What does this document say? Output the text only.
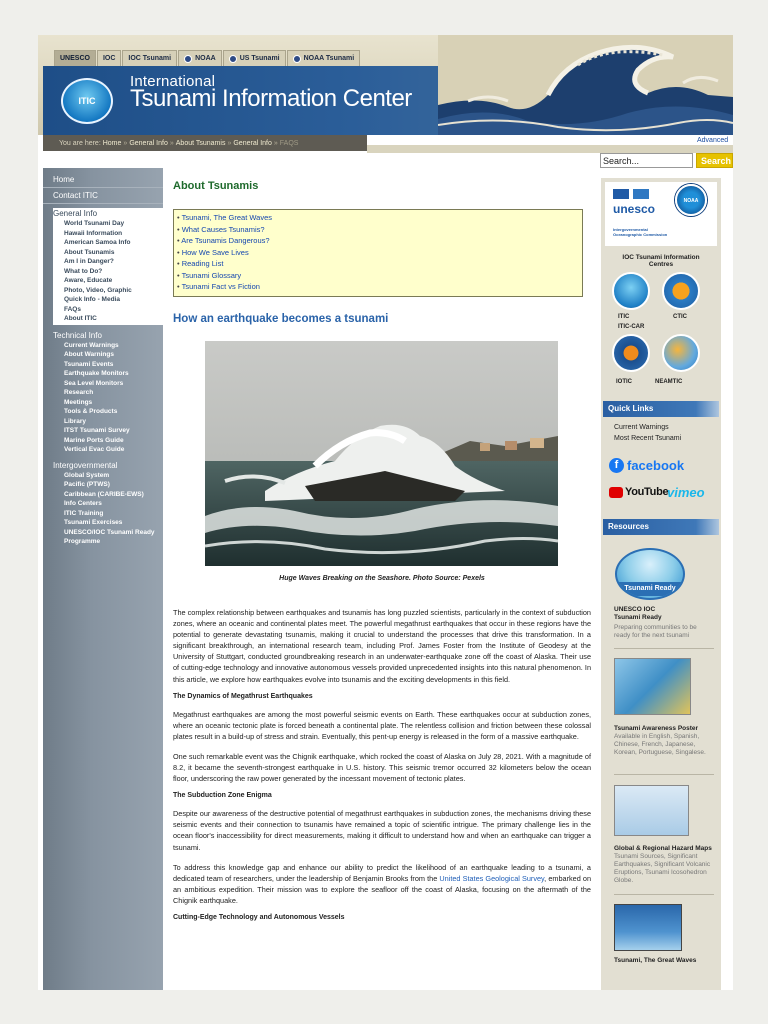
UNESCO IOC IOC Tsunami	NOAA	US Tsunami	NOAA Tsunami
ITIC
International
Tsunami Information Center
You are here:
Home » General Info » About Tsunamis » General Info » FAQS	Advanced
Search...
Search
Home
Contact ITIC
General Info
World Tsunami Day
Hawaii Information
American Samoa Info
About Tsunamis
Am I in Danger?
What to Do?
Aware, Educate
Photo, Video, Graphic
Quick Info - Media
FAQs
About ITIC
Technical Info
Current Warnings
About Warnings
Tsunami Events
Earthquake Monitors
Sea Level Monitors
Research
Meetings
Tools & Products
Library
ITST Tsunami Survey
Marine Ports Guide
Vertical Evac Guide
Intergovernmental
Global System
Pacific (PTWS)
Caribbean (CARIBE-EWS)
Info Centers
ITIC Training
Tsunami Exercises
UNESCO/IOC Tsunami Ready Programme
About Tsunamis
• Tsunami, The Great Waves
• What Causes Tsunamis?
• Are Tsunamis Dangerous?
• How We Save Lives
• Reading List
• Tsunami Glossary
• Tsunami Fact vs Fiction
How an earthquake becomes a tsunami
Huge Waves Breaking on the Seashore. Photo Source: Pexels
The complex relationship between earthquakes and tsunamis has long puzzled scientists, particularly in the context of subduction zones, where an oceanic and continental plates meet. The powerful megathrust earthquakes that occur in these regions have the potential to generate devastating tsunamis, making it crucial to understand the processes that drive this transformation. In a significant breakthrough, an international research team, including Prof. James Foster from the Institute of Geodesy at the University of Stuttgart, conducted groundbreaking research in an underwater-earthquake zone off the coast of Alaska. Their use of cutting-edge technology and innovative autonomous vessels provided unprecedented insights into this natural phenomenon. In this article, we explore how earthquakes evolve into tsunamis and the exciting developments in this field.
The Dynamics of Megathrust Earthquakes
Megathrust earthquakes are among the most powerful seismic events on Earth. These earthquakes occur at subduction zones, where an oceanic tectonic plate is forced beneath a continental plate. The relentless collision and friction between these colossal plates result in a build-up of stress and strain. Eventually, this pent-up energy is released in the form of a massive earthquake.
One such remarkable event was the Chignik earthquake, which rocked the coast of Alaska on July 28, 2021. With a magnitude of 8.2, it became the seventh-strongest earthquake in U.S. history. This seismic tremor occurred 32 kilometers below the ocean floor, underscoring the raw power generated by the incessant movement of tectonic plates.
The Subduction Zone Enigma
Despite our awareness of the destructive potential of megathrust earthquakes in subduction zones, the mechanisms driving these seismic events and their connection to tsunamis have remained a topic of scientific intrigue. The primary challenge lies in the ocean floor's inaccessibility for direct measurements, making it difficult to understand how and when an earthquake can trigger a tsunami.
To address this knowledge gap and enhance our ability to predict the likelihood of an earthquake leading to a tsunami, a dedicated team of researchers, under the leadership of Benjamin Brooks from the United States Geological Survey, embarked on an ambitious expedition. Their mission was to explore the seafloor off the coast of Alaska, focusing on the aftermath of the Chignik earthquake.
Cutting-Edge Technology and Autonomous Vessels
unesco
Intergovernmental Oceanographic Commission
NOAA
IOC Tsunami Information Centres
ITIC	CTIC
ITIC-CAR
IOTIC	NEAMTIC
Quick Links
Current Warnings
Most Recent Tsunami
f facebook
YouTube
vimeo
Resources
Tsunami Ready
UNESCO IOC Tsunami Ready
Preparing communities to be ready for the next tsunami
Tsunami Awareness Poster
Available in English, Spanish, Chinese, French, Japanese, Korean, Portuguese, Singalese.
Global & Regional Hazard Maps
Tsunami Sources, Significant Earthquakes, Significant Volcanic Eruptions, Tsunami Icosohedron Globe.
Tsunami, The Great Waves
